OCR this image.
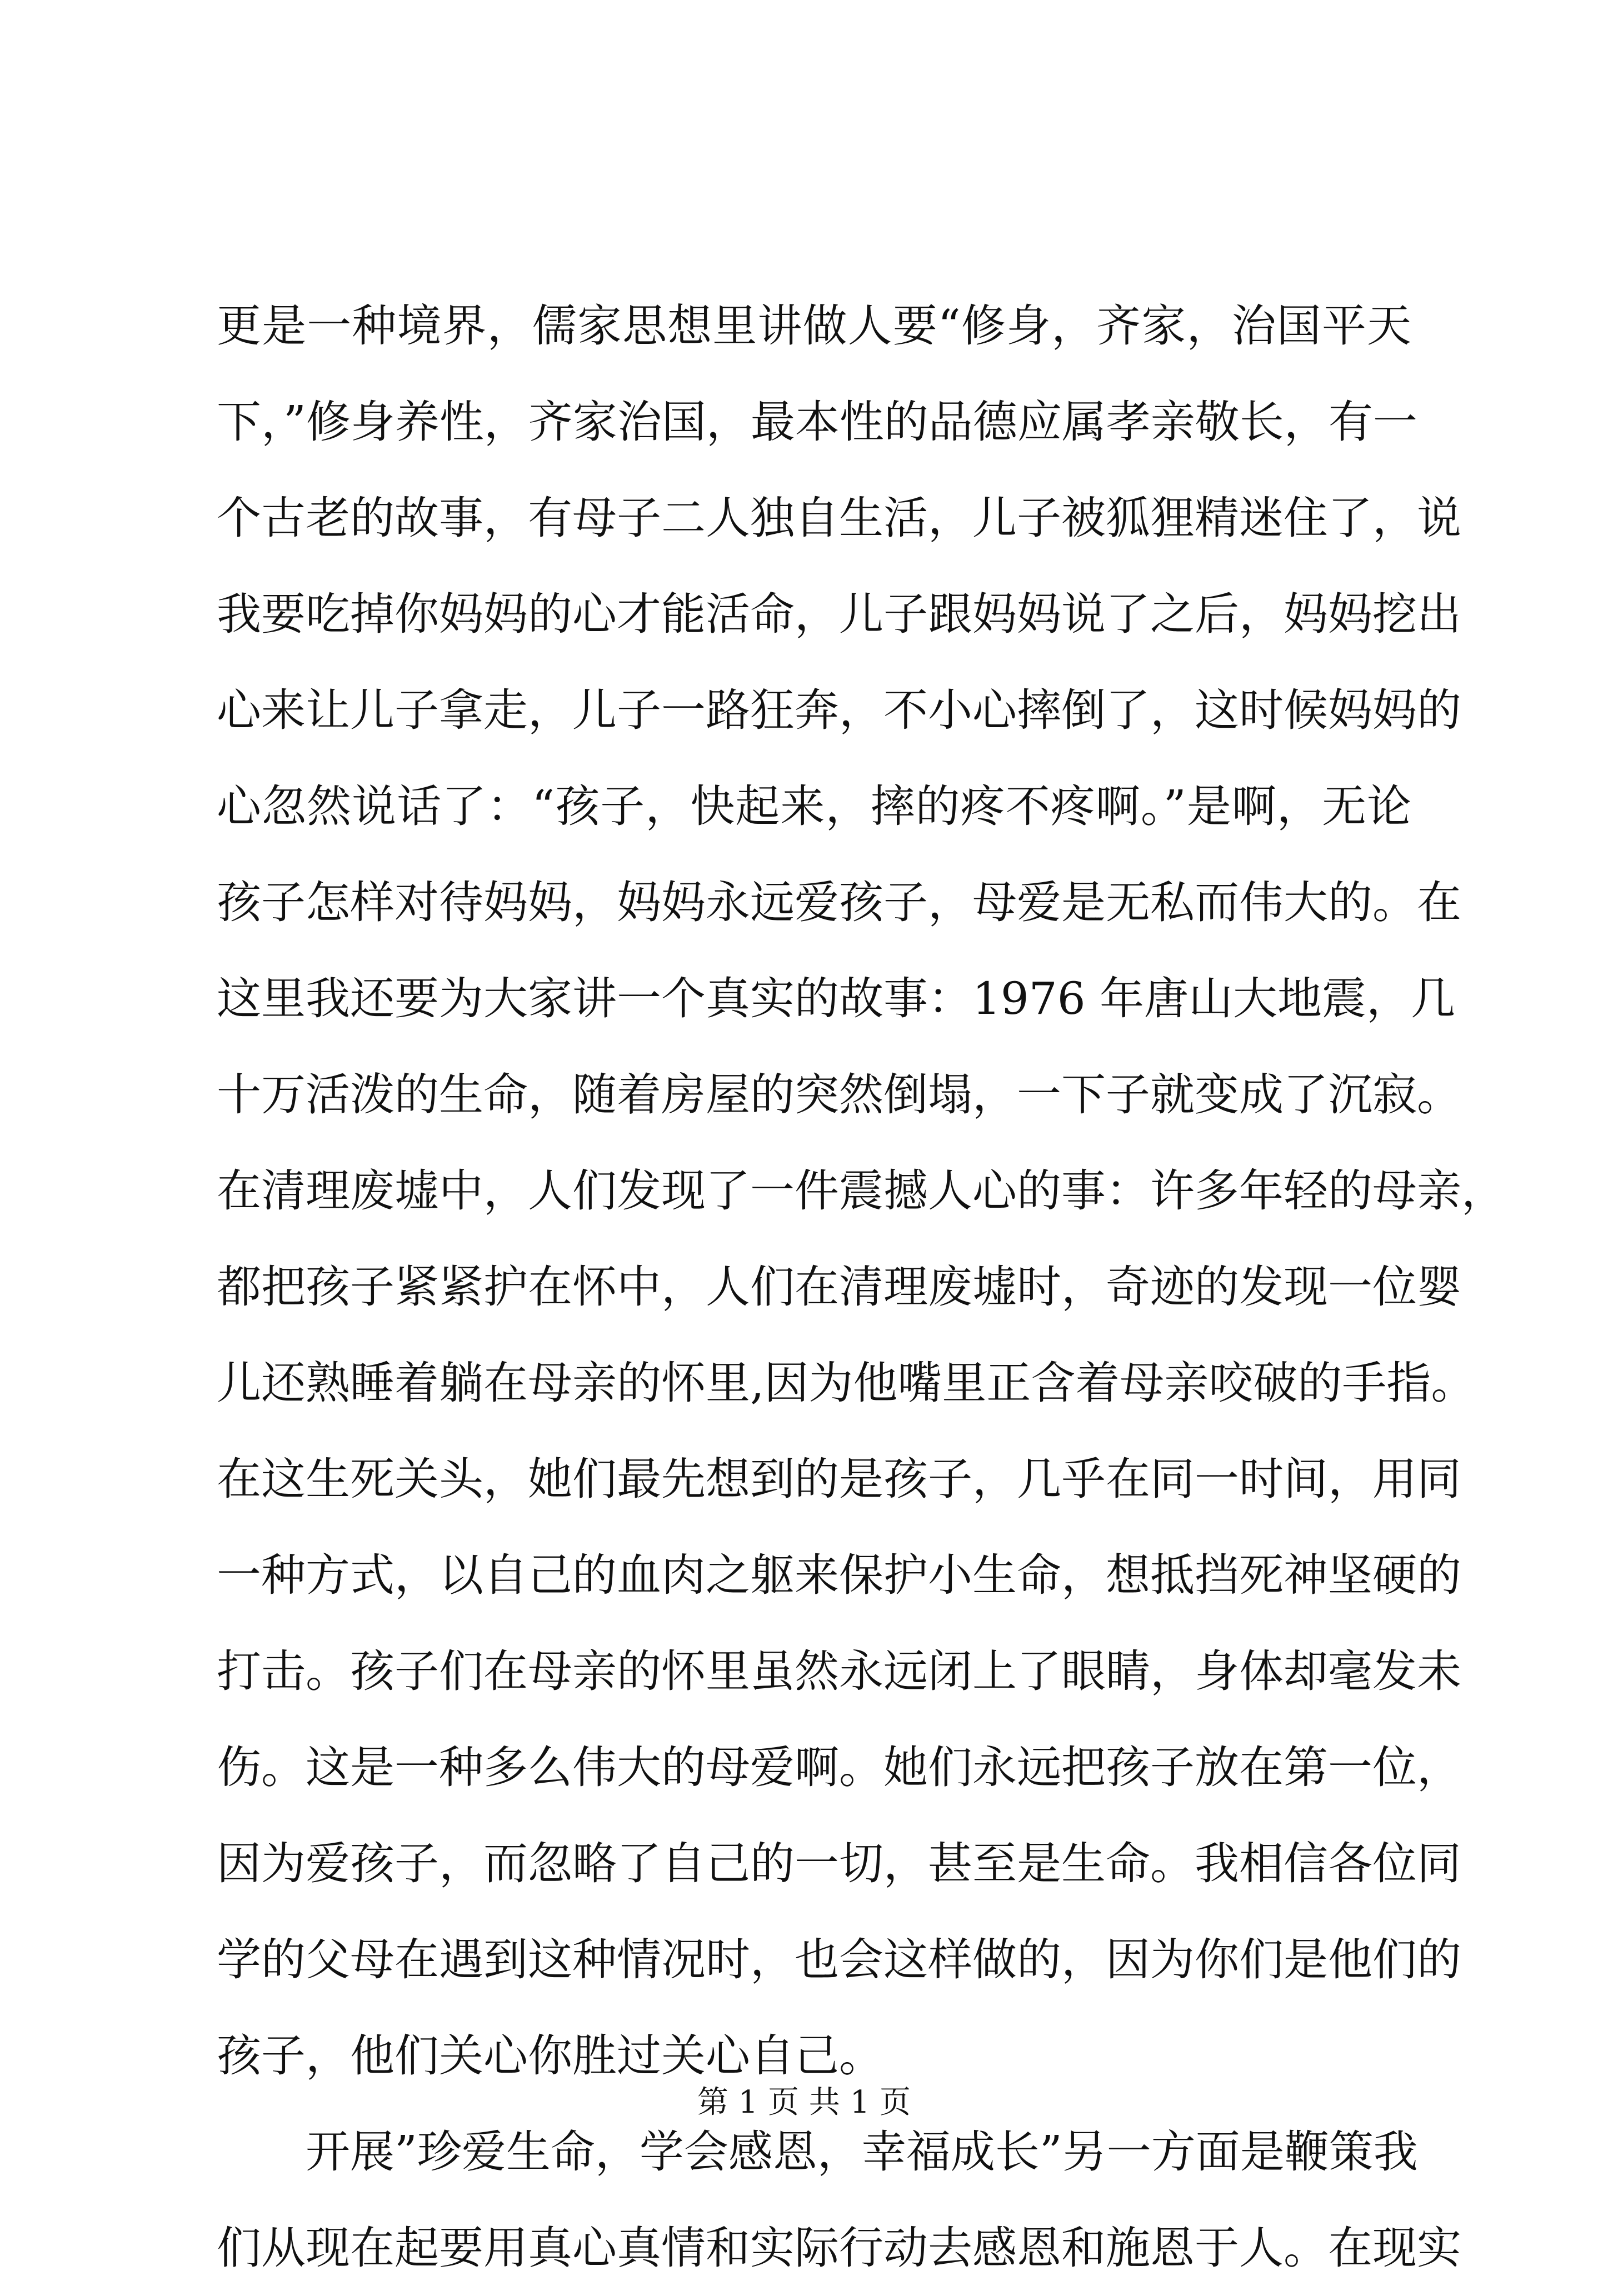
更是一种境界，儒家思想里讲做人要“修身，齐家，治国平天
下，”修身养性，齐家治国，最本性的品德应属孝亲敬长，有一
个古老的故事，有母子二人独自生活，儿子被狐狸精迷住了，说
我要吃掉你妈妈的心才能活命，儿子跟妈妈说了之后，妈妈挖出
心来让儿子拿走，儿子一路狂奔，不小心摔倒了，这时候妈妈的
心忽然说话了：“孩子，快起来，摔的疼不疼啊。”是啊，无论
孩子怎样对待妈妈，妈妈永远爱孩子，母爱是无私而伟大的。在
这里我还要为大家讲一个真实的故事：1976 年唐山大地震，几
十万活泼的生命，随着房屋的突然倒塌，一下子就变成了沉寂。
在清理废墟中，人们发现了一件震撼人心的事：许多年轻的母亲，
都把孩子紧紧护在怀中，人们在清理废墟时，奇迹的发现一位婴
儿还熟睡着躺在母亲的怀里,因为他嘴里正含着母亲咬破的手指。
在这生死关头，她们最先想到的是孩子，几乎在同一时间，用同
一种方式，以自己的血肉之躯来保护小生命，想抵挡死神坚硬的
打击。孩子们在母亲的怀里虽然永远闭上了眼睛，身体却毫发未
伤。这是一种多么伟大的母爱啊。她们永远把孩子放在第一位，
因为爱孩子，而忽略了自己的一切，甚至是生命。我相信各位同
学的父母在遇到这种情况时，也会这样做的，因为你们是他们的
孩子，他们关心你胜过关心自己。
开展”珍爱生命，学会感恩，幸福成长”另一方面是鞭策我
们从现在起要用真心真情和实际行动去感恩和施恩于人。在现实
第 1 页 共 1 页
